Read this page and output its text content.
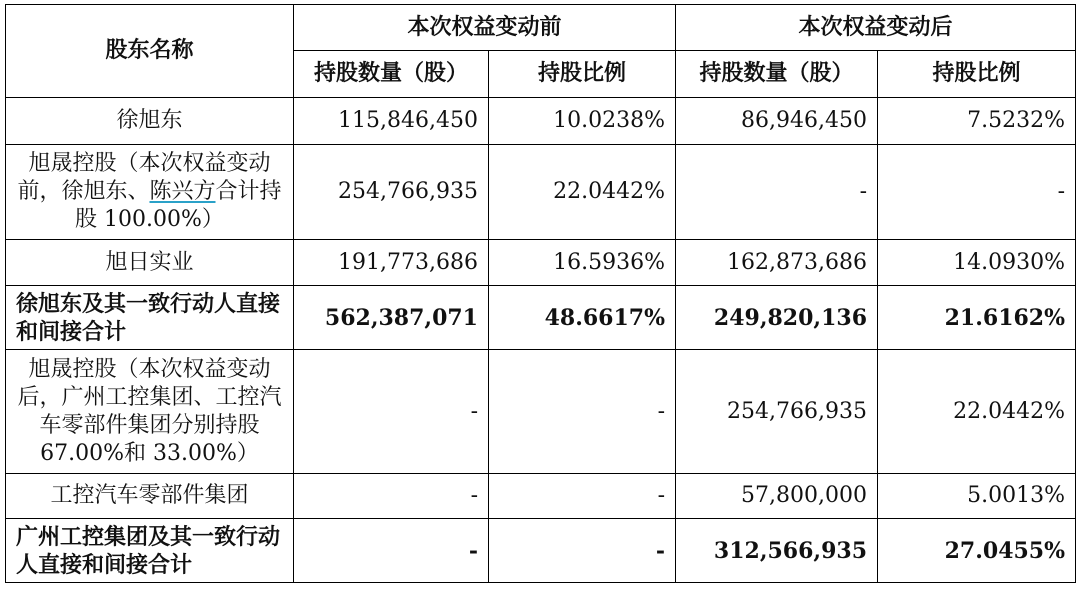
股东名称	本次权益变动前		本次权益变动后	
	持股数量（股）	持股比例	持股数量（股）	持股比例
徐旭东	115,846,450	10.0238%	86,946,450	7.5232%
旭晟控股（本次权益变动前，徐旭东、陈兴方合计持股 100.00%）	254,766,935	22.0442%	-	-
旭日实业	191,773,686	16.5936%	162,873,686	14.0930%
徐旭东及其一致行动人直接和间接合计	562,387,071	48.6617%	249,820,136	21.6162%
旭晟控股（本次权益变动后，广州工控集团、工控汽车零部件集团分别持股67.00%和 33.00%）	-	-	254,766,935	22.0442%
工控汽车零部件集团	-	-	57,800,000	5.0013%
广州工控集团及其一致行动人直接和间接合计	-	-	312,566,935	27.0455%
